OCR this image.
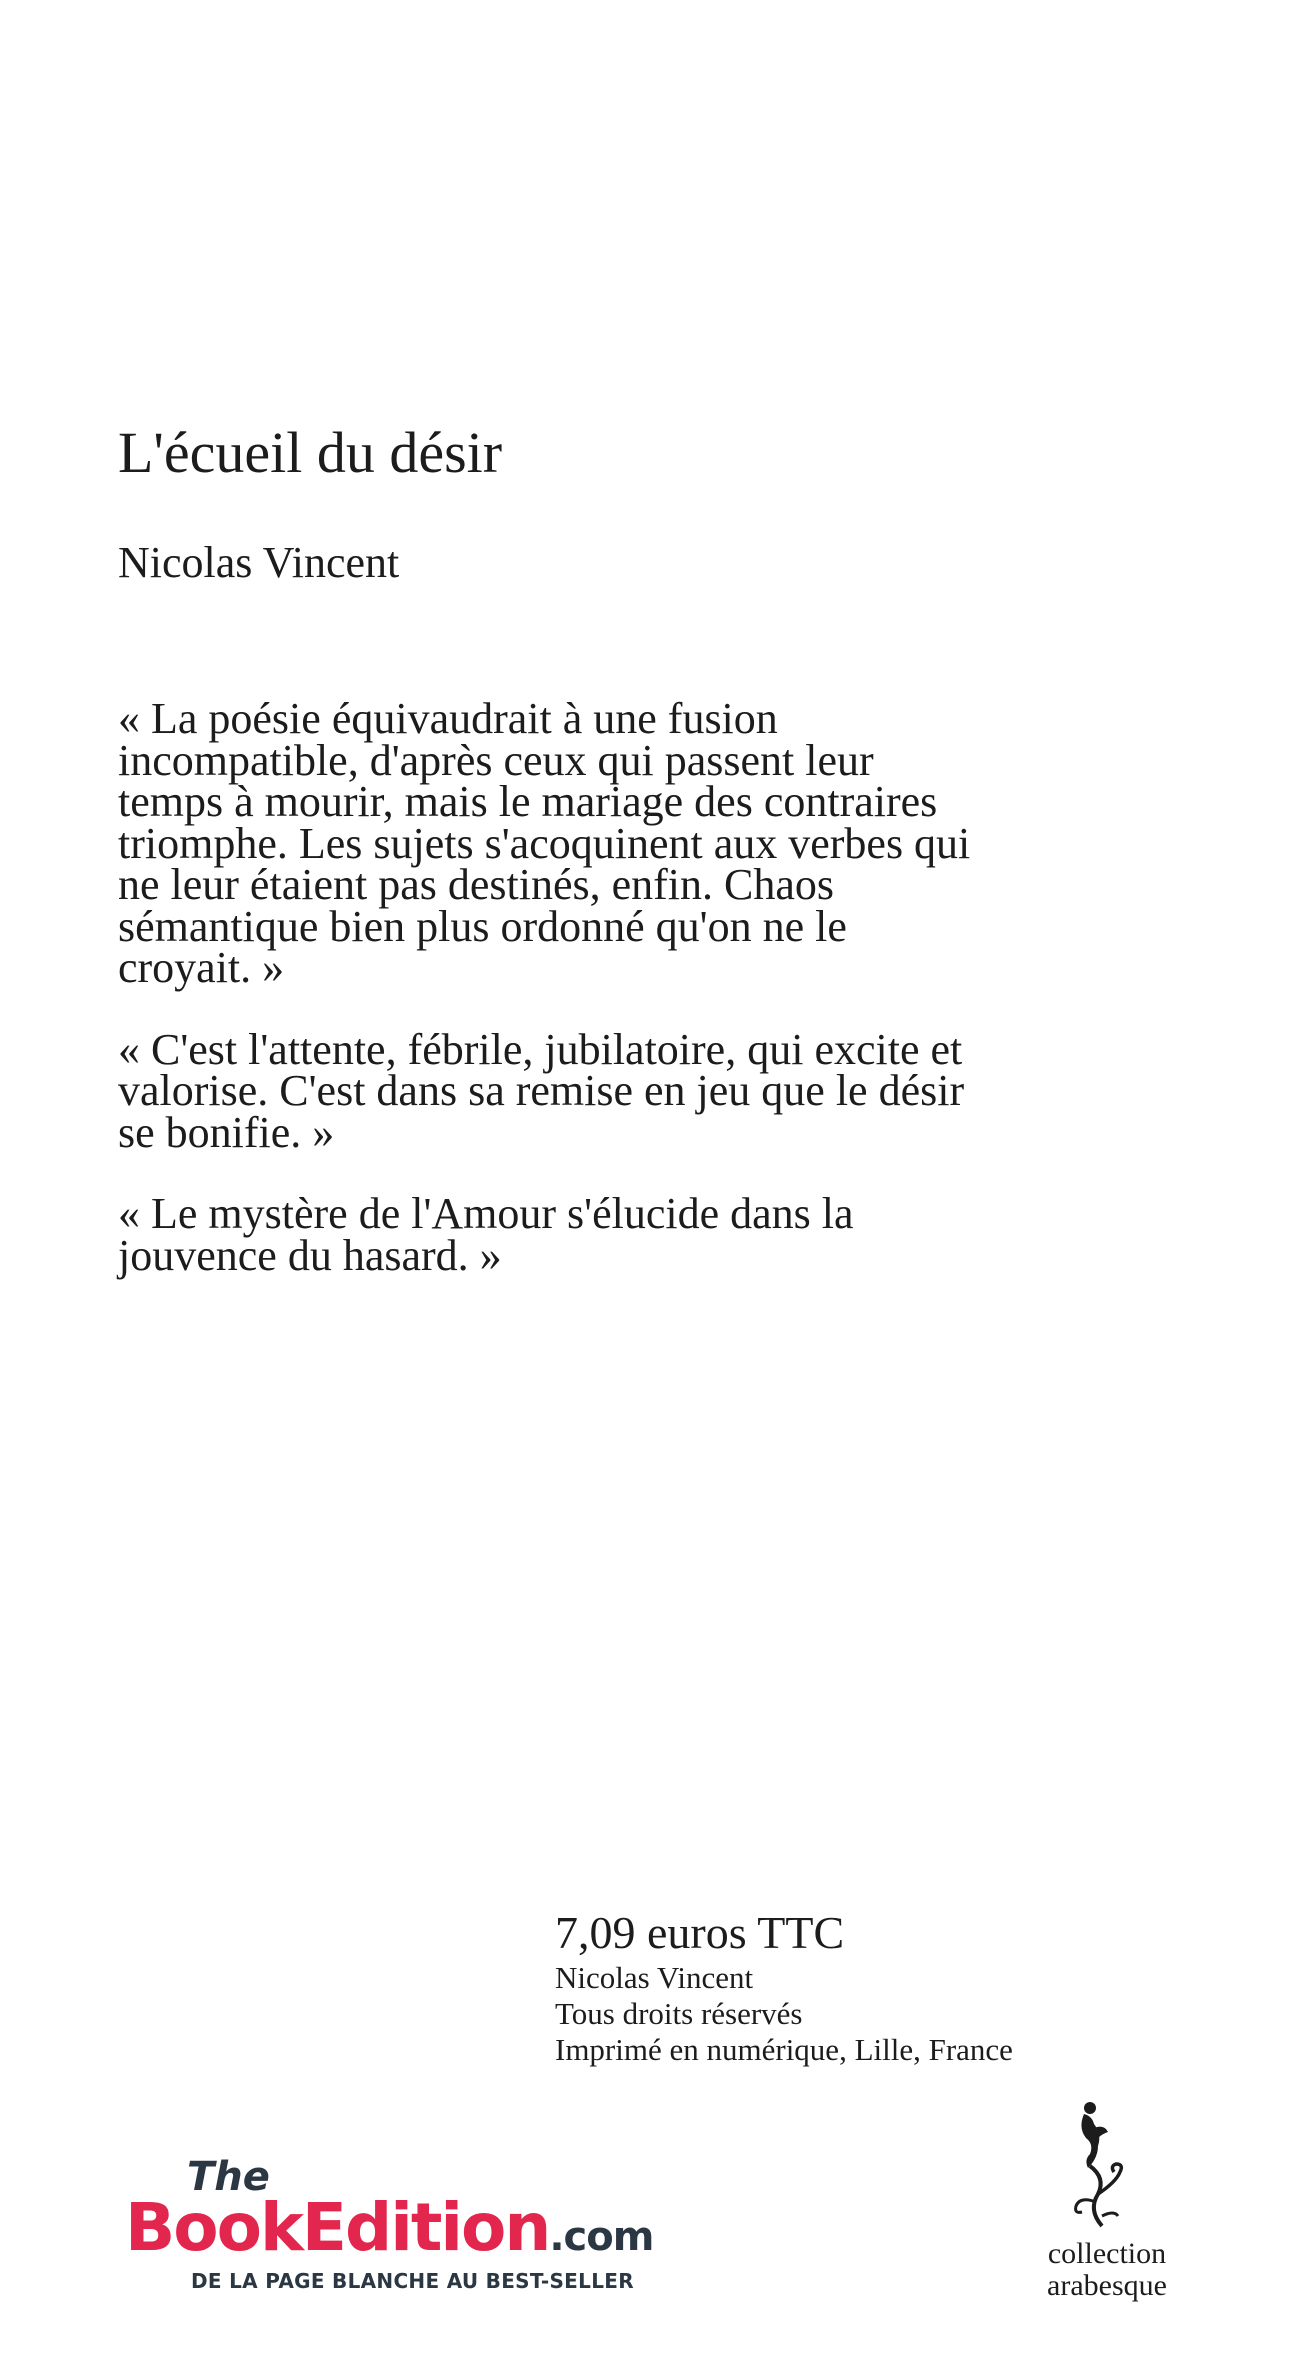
L'écueil du désir
Nicolas Vincent

« La poésie équivaudrait à une fusion incompatible, d'après ceux qui passent leur temps à mourir, mais le mariage des contraires triomphe. Les sujets s'acoquinent aux verbes qui ne leur étaient pas destinés, enfin. Chaos sémantique bien plus ordonné qu'on ne le croyait. »

« C'est l'attente, fébrile, jubilatoire, qui excite et valorise. C'est dans sa remise en jeu que le désir se bonifie. »

« Le mystère de l'Amour s'élucide dans la jouvence du hasard. »

7,09 euros TTC
Nicolas Vincent
Tous droits réservés
Imprimé en numérique, Lille, France
The
BookEdition.com
DE LA PAGE BLANCHE AU BEST-SELLER
collection
arabesque
